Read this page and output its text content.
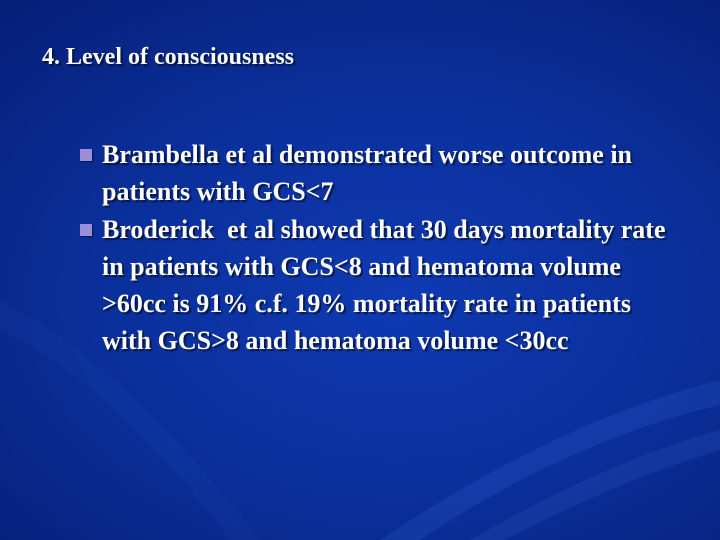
4. Level of consciousness
Brambella et al demonstrated worse outcome in patients with GCS<7
Broderick  et al showed that 30 days mortality rate in patients with GCS<8 and hematoma volume >60cc is 91% c.f. 19% mortality rate in patients with GCS>8 and hematoma volume <30cc
